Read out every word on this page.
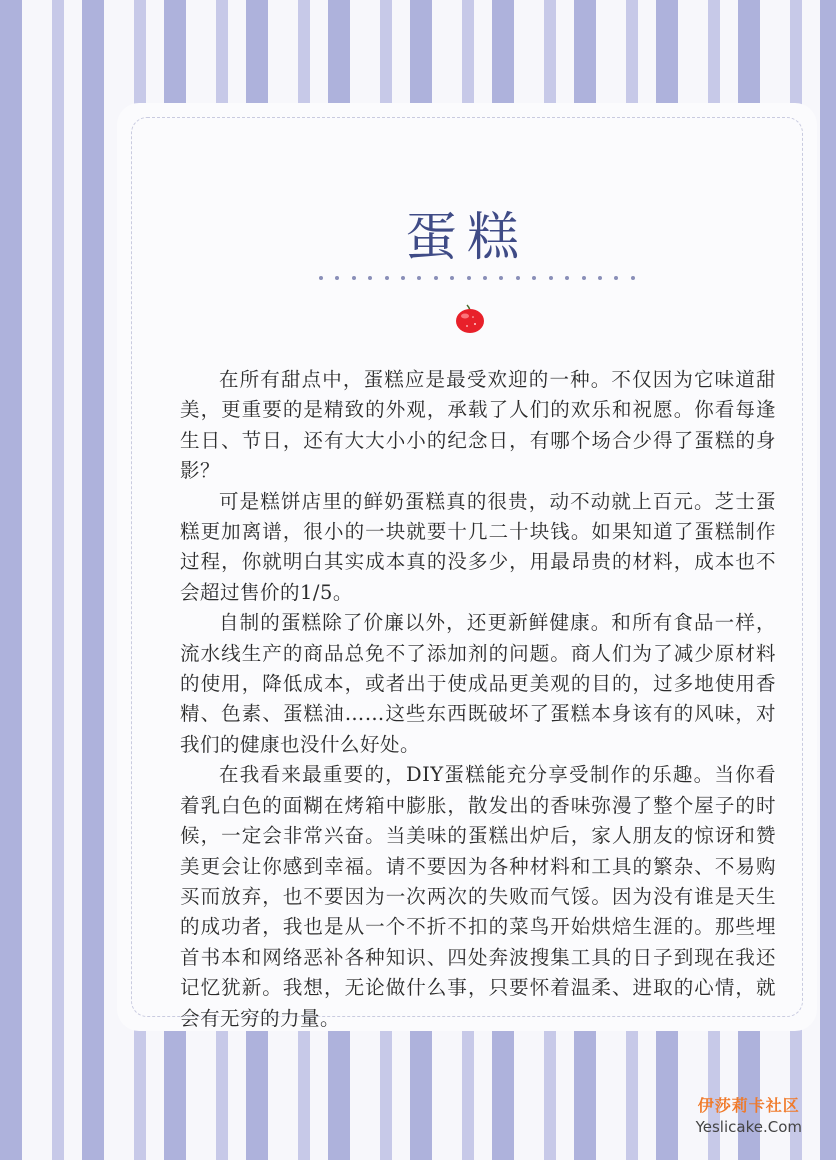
蛋糕

在所有甜点中，蛋糕应是最受欢迎的一种。不仅因为它味道甜美，更重要的是精致的外观，承载了人们的欢乐和祝愿。你看每逢生日、节日，还有大大小小的纪念日，有哪个场合少得了蛋糕的身影？

可是糕饼店里的鲜奶蛋糕真的很贵，动不动就上百元。芝士蛋糕更加离谱，很小的一块就要十几二十块钱。如果知道了蛋糕制作过程，你就明白其实成本真的没多少，用最昂贵的材料，成本也不会超过售价的1/5。

自制的蛋糕除了价廉以外，还更新鲜健康。和所有食品一样，流水线生产的商品总免不了添加剂的问题。商人们为了减少原材料的使用，降低成本，或者出于使成品更美观的目的，过多地使用香精、色素、蛋糕油……这些东西既破坏了蛋糕本身该有的风味，对我们的健康也没什么好处。

在我看来最重要的，DIY蛋糕能充分享受制作的乐趣。当你看着乳白色的面糊在烤箱中膨胀，散发出的香味弥漫了整个屋子的时候，一定会非常兴奋。当美味的蛋糕出炉后，家人朋友的惊讶和赞美更会让你感到幸福。请不要因为各种材料和工具的繁杂、不易购买而放弃，也不要因为一次两次的失败而气馁。因为没有谁是天生的成功者，我也是从一个不折不扣的菜鸟开始烘焙生涯的。那些埋首书本和网络恶补各种知识、四处奔波搜集工具的日子到现在我还记忆犹新。我想，无论做什么事，只要怀着温柔、进取的心情，就会有无穷的力量。

伊莎莉卡社区
Yeslicake.Com
